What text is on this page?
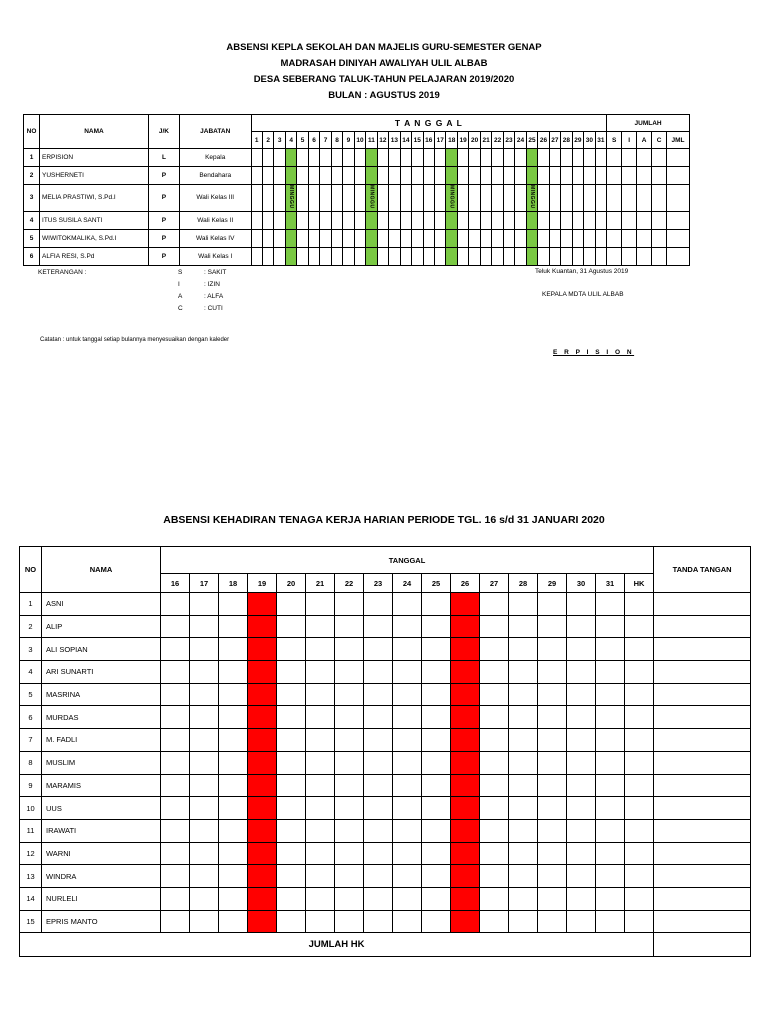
ABSENSI KEPLA SEKOLAH DAN MAJELIS GURU-SEMESTER GENAP
MADRASAH DINIYAH AWALIYAH ULIL ALBAB
DESA SEBERANG TALUK-TAHUN PELAJARAN 2019/2020
BULAN : AGUSTUS 2019
NO	NAMA	J/K	JABATAN	T A N G G A L																															JUMLAH				
				1	2	3	4	5	6	7	8	9	10	11	12	13	14	15	16	17	18	19	20	21	22	23	24	25	26	27	28	29	30	31	S	I	A	C	JML
1	ERPISION	L	Kepala																																				
2	YUSHERNETI	P	Bendahara																																				
3	MELIA PRASTIWI, S.Pd.I	P	Wali Kelas III				MINGGU							MINGGU							MINGGU							MINGGU											
4	ITUS SUSILA SANTI	P	Wali Kelas II																																				
5	WIWITOKMALIKA, S.Pd.I	P	Wali Kelas IV																																				
6	ALFIA RESI, S.Pd	P	Wali Kelas I																																				
KETERANGAN :	S	: SAKIT
I	: IZIN
A	: ALFA
C	: CUTI
Teluk Kuantan, 31 Agustus 2019
KEPALA MDTA ULIL ALBAB
Catatan : untuk tanggal setiap bulannya menyesuaikan dengan kaleder
E R P I S I O N
ABSENSI KEHADIRAN TENAGA KERJA HARIAN PERIODE TGL. 16 s/d 31 JANUARI 2020
NO	NAMA	TANGGAL																	TANDA TANGAN
		16	17	18	19	20	21	22	23	24	25	26	27	28	29	30	31	HK	
1	ASNI																		
2	ALIP																		
3	ALI SOPIAN																		
4	ARI SUNARTI																		
5	MASRINA																		
6	MURDAS																		
7	M. FADLI																		
8	MUSLIM																		
9	MARAMIS																		
10	UUS																		
11	IRAWATI																		
12	WARNI																		
13	WINDRA																		
14	NURLELI																		
15	EPRIS MANTO																		
JUMLAH HK																			
